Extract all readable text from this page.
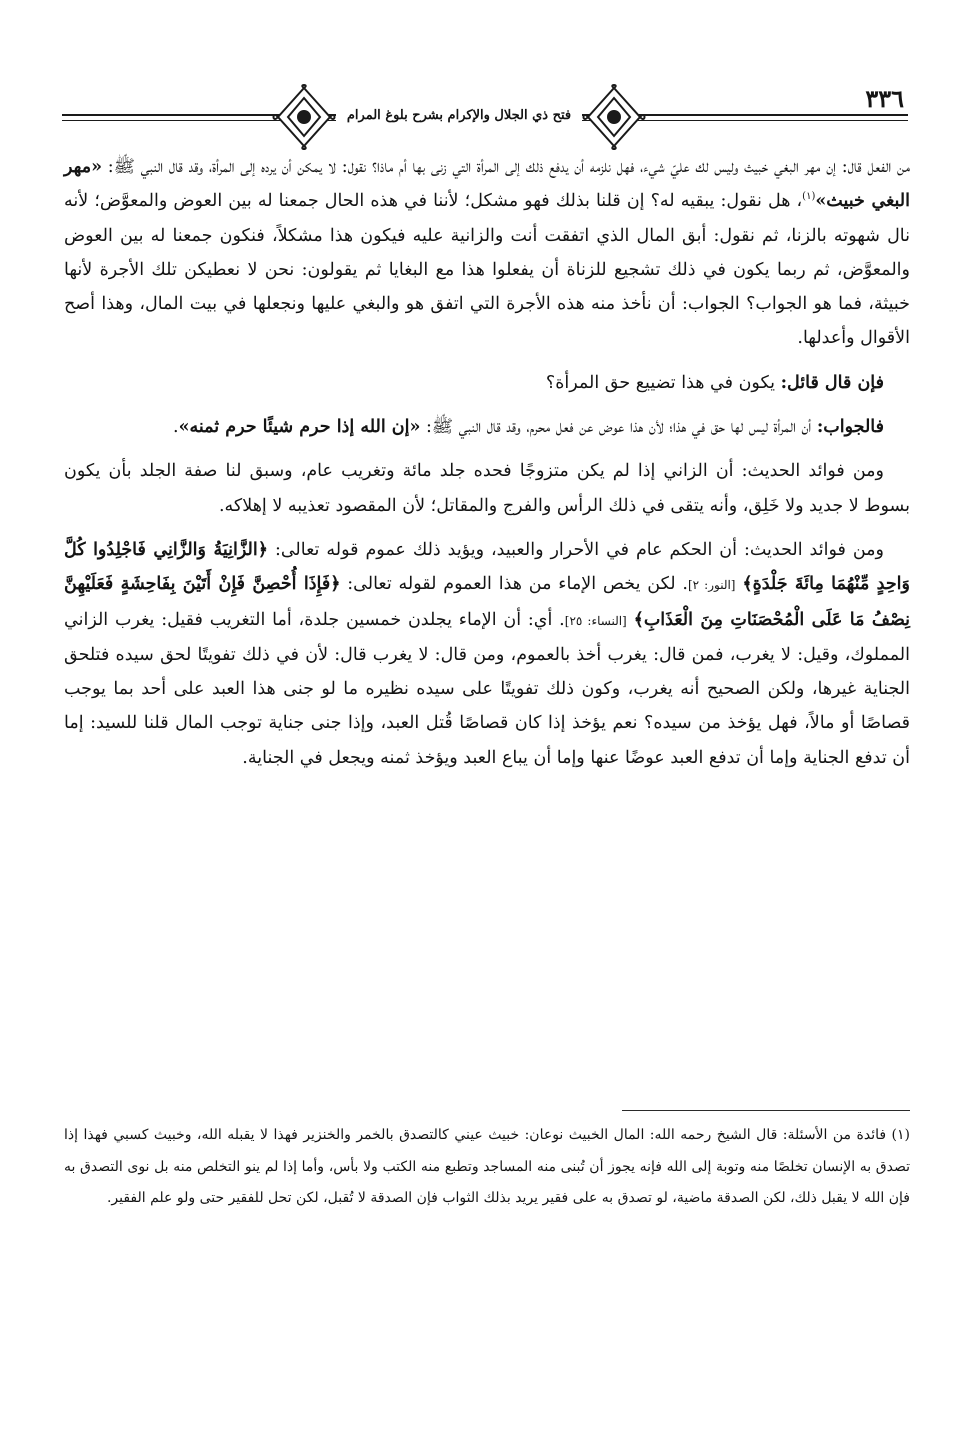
فتح ذي الجلال والإكرام بشرح بلوغ المرام
٣٣٦

من الفعل قال: إن مهر البغي خبيث وليس لك عليّ شيء، فهل نلزمه أن يدفع ذلك إلى المرأة التي زنى بها أم ماذا؟ نقول: لا يمكن أن يرده إلى المرأة، وقد قال النبي ﷺ: «مهر البغي خبيث»$^{(١)}$، هل نقول: يبقيه له؟ إن قلنا بذلك فهو مشكل؛ لأننا في هذه الحال جمعنا له بين العوض والمعوَّض؛ لأنه نال شهوته بالزنا، ثم نقول: أبق المال الذي اتفقت أنت والزانية عليه فيكون هذا مشكلاً، فنكون جمعنا له بين العوض والمعوَّض، ثم ربما يكون في ذلك تشجيع للزناة أن يفعلوا هذا مع البغايا ثم يقولون: نحن لا نعطيكن تلك الأجرة لأنها خبيثة، فما هو الجواب؟ الجواب: أن نأخذ منه هذه الأجرة التي اتفق هو والبغي عليها ونجعلها في بيت المال، وهذا أصح الأقوال وأعدلها.

فإن قال قائل: يكون في هذا تضييع حق المرأة؟

فالجواب: أن المرأة ليس لها حق في هذا؛ لأن هذا عوض عن فعل محرم، وقد قال النبي ﷺ: «إن الله إذا حرم شيئًا حرم ثمنه».

ومن فوائد الحديث: أن الزاني إذا لم يكن متزوجًا فحده جلد مائة وتغريب عام، وسبق لنا صفة الجلد بأن يكون بسوط لا جديد ولا خَلِق، وأنه يتقى في ذلك الرأس والفرج والمقاتل؛ لأن المقصود تعذيبه لا إهلاكه.

ومن فوائد الحديث: أن الحكم عام في الأحرار والعبيد، ويؤيد ذلك عموم قوله تعالى: ﴿الزَّانِيَةُ وَالزَّانِي فَاجْلِدُوا كُلَّ وَاحِدٍ مِّنْهُمَا مِائَةَ جَلْدَةٍ﴾ [النور: ٢]. لكن يخص الإماء من هذا العموم لقوله تعالى: ﴿فَإِذَا أُحْصِنَّ فَإِنْ أَتَيْنَ بِفَاحِشَةٍ فَعَلَيْهِنَّ نِصْفُ مَا عَلَى الْمُحْصَنَاتِ مِنَ الْعَذَابِ﴾ [النساء: ٢٥]. أي: أن الإماء يجلدن خمسين جلدة، أما التغريب فقيل: يغرب الزاني المملوك، وقيل: لا يغرب، فمن قال: يغرب أخذ بالعموم، ومن قال: لا يغرب قال: لأن في ذلك تفويتًا لحق سيده فتلحق الجناية غيرها، ولكن الصحيح أنه يغرب، وكون ذلك تفويتًا على سيده نظيره ما لو جنى هذا العبد على أحد بما يوجب قصاصًا أو مالاً، فهل يؤخذ من سيده؟ نعم يؤخذ إذا كان قصاصًا قُتل العبد، وإذا جنى جناية توجب المال قلنا للسيد: إما أن تدفع الجناية وإما أن تدفع العبد عوضًا عنها وإما أن يباع العبد ويؤخذ ثمنه ويجعل في الجناية.

(١) فائدة من الأسئلة: قال الشيخ رحمه الله: المال الخبيث نوعان: خبيث عيني كالتصدق بالخمر والخنزير فهذا لا يقبله الله، وخبيث كسبي فهذا إذا تصدق به الإنسان تخلصًا منه وتوبة إلى الله فإنه يجوز أن تُبنى منه المساجد وتطبع منه الكتب ولا بأس، وأما إذا لم ينو التخلص منه بل نوى التصدق به فإن الله لا يقبل ذلك، لكن الصدقة ماضية، لو تصدق به على فقير يريد بذلك الثواب فإن الصدقة لا تُقبل، لكن تحل للفقير حتى ولو علم الفقير.
